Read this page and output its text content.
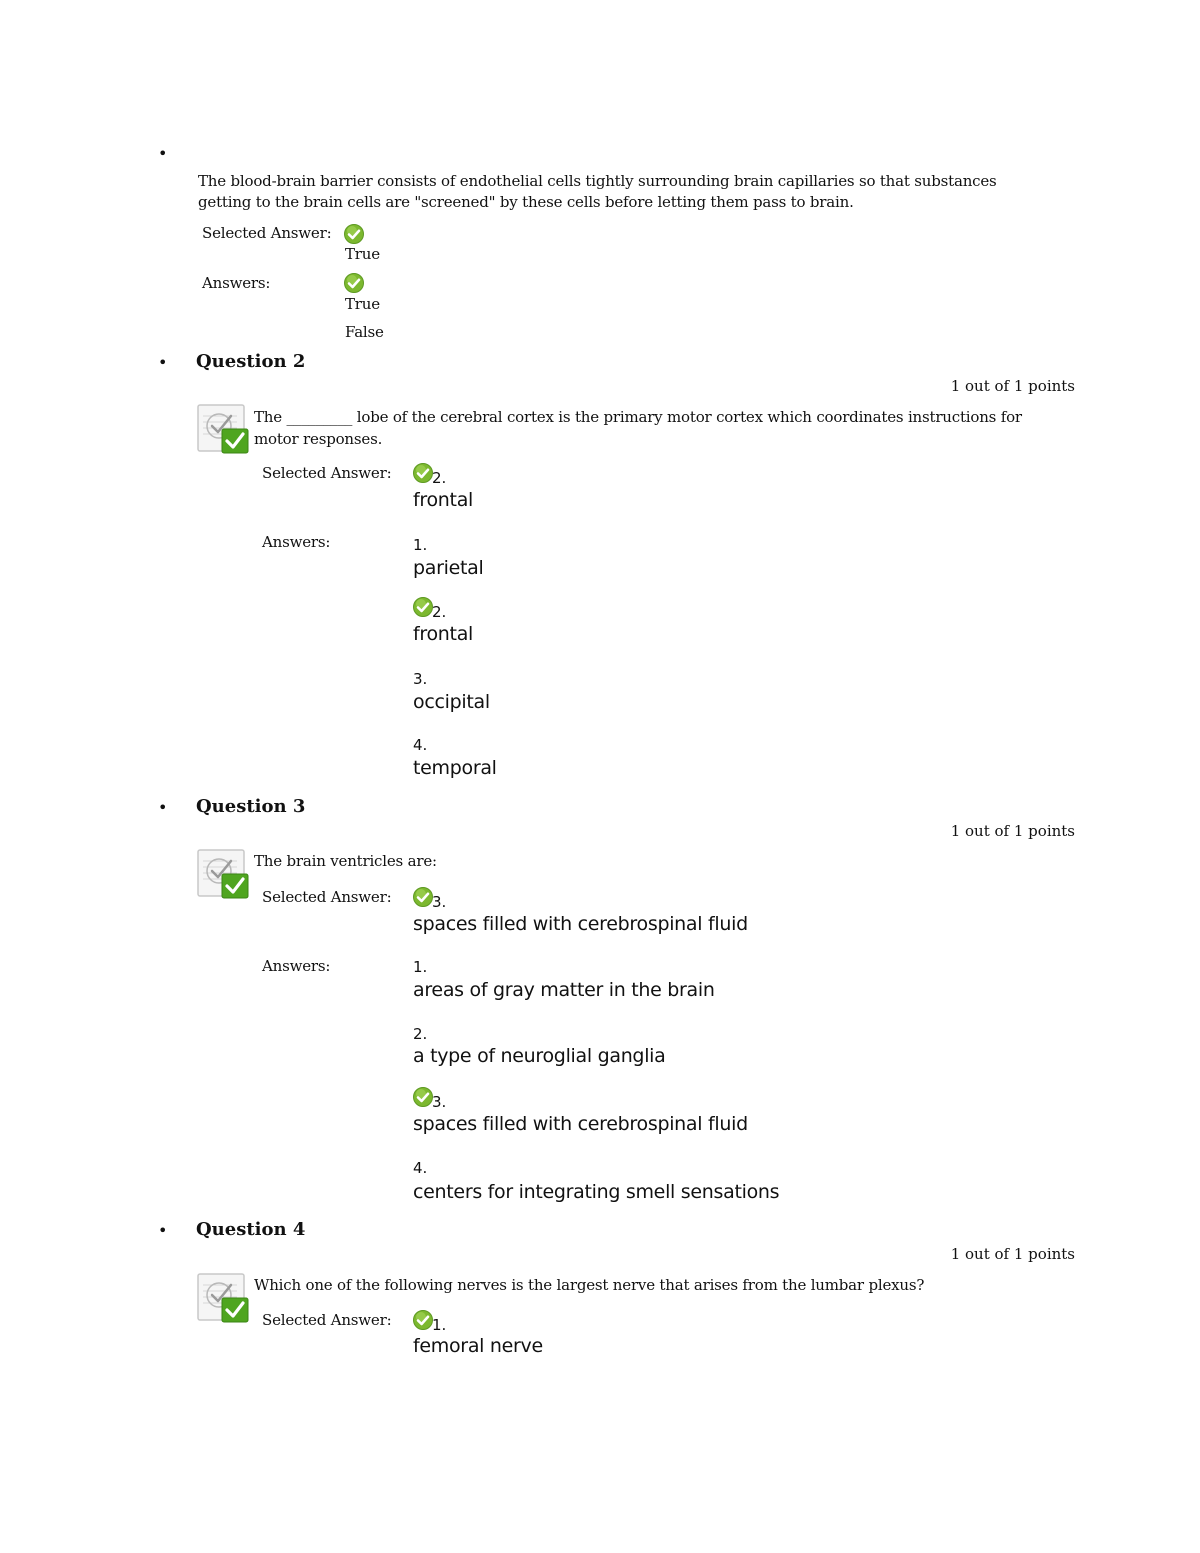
•
The blood-brain barrier consists of endothelial cells tightly surrounding brain capillaries so that substances
getting to the brain cells are "screened" by these cells before letting them pass to brain.
Selected Answer:
True
Answers:
True
False
• Question 2
1 out of 1 points
The _________ lobe of the cerebral cortex is the primary motor cortex which coordinates instructions for
motor responses.
Selected Answer:	2.
frontal
Answers:	1.
parietal
2.
frontal
3.
occipital
4.
temporal
• Question 3
1 out of 1 points
The brain ventricles are:
Selected Answer:	3.
spaces filled with cerebrospinal fluid
Answers:	1.
areas of gray matter in the brain
2.
a type of neuroglial ganglia
3.
spaces filled with cerebrospinal fluid
4.
centers for integrating smell sensations
• Question 4
1 out of 1 points
Which one of the following nerves is the largest nerve that arises from the lumbar plexus?
Selected Answer:	1.
femoral nerve
